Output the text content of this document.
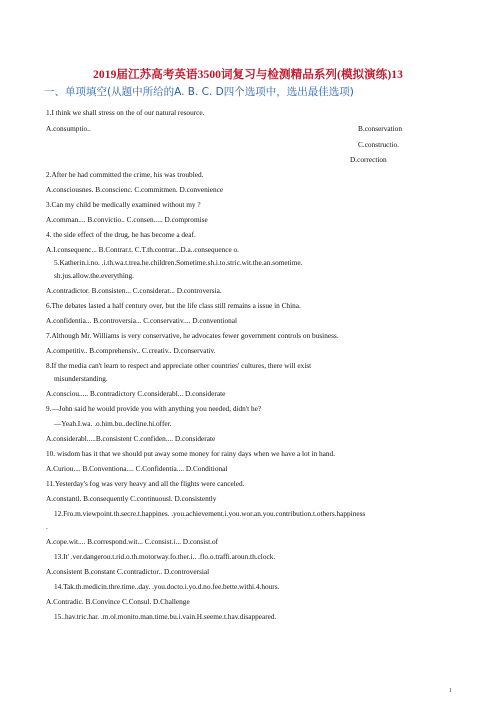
2019届江苏高考英语3500词复习与检测精品系列(模拟演练)13
一、单项填空(从题中所给的A. B. C. D四个选项中，选出最佳选项)
1.I think we shall stress on the of our natural resource.
A.consumptio..	B.conservation
C.constructio.
D.correction
2.After he had committed the crime, his was troubled.
A.consciousnes. B.conscienc. C.commitmen. D.convenience
3.Can my child be medically examined without my ?
A.comman.... B.convictio.. C.consen..... D.compromise
4. the side effect of the drug, he has become a deaf.
A.I.consequenc... B.Contrar.t. C.T.th.contrar...D.a..consequence o.
5.Katherin.i.no. .i.th.wa.t.trea.he.children.Sometime.sh.i.to.stric.wit.the.an.sometime.
sh.jus.allow.the.everything.
A.contradictor. B.consisten... C.considerat... D.controversia.
6.The debates lasted a half century over, but the life class still remains a issue in China.
A.confidentia... B.controversia... C.conservativ.... D.conventional
7.Although Mr. Williams is very conservative, he advocates fewer government controls on business.
A.competitiv.. B.comprehensiv.. C.creativ.. D.conservativ.
8.If the media can't learn to respect and appreciate other countries' cultures, there will exist
misunderstanding.
A.consciou..... B.contradictory C.considerabl... D.considerate
9.—John said he would provide you with anything you needed, didn't he?
—Yeah.I.wa. .o.him.bu..decline.hi.offer.
A.considerabl.....B.consistent C.confiden.... D.considerate
10. wisdom has it that we should put away some money for rainy days when we have a lot in hand.
A.Curiou.... B.Conventiona.... C.Confidentia.... D.Conditional
11.Yesterday's fog was very heavy and all the flights were canceled.
A.constantl. B.consequently C.continuousl. D.consistently
12.Fro.m.viewpoint.th.secre.t.happines. .you.achievement.i.you.wor.an.you.contribution.t.others.happiness
.
A.cope.wit.... B.correspond.wit... C.consist.i... D.consist.of
13.It' .ver.dangerou.t.rid.o.th.motorway.fo.ther.i.. .flo.o.traffi.aroun.th.clock.
A.consistent B.constant C.contradictor.. D.controversial
14.Tak.th.medicin.thre.time..day. .you.docto.i.yo.d.no.fee.bette.withi.4.hours.
A.Contradic. B.Convince C.Consul. D.Challenge
15..hav.tric.har. .m.ol.monito.man.time.bu.i.vain.H.seeme.t.hav.disappeared.
1
